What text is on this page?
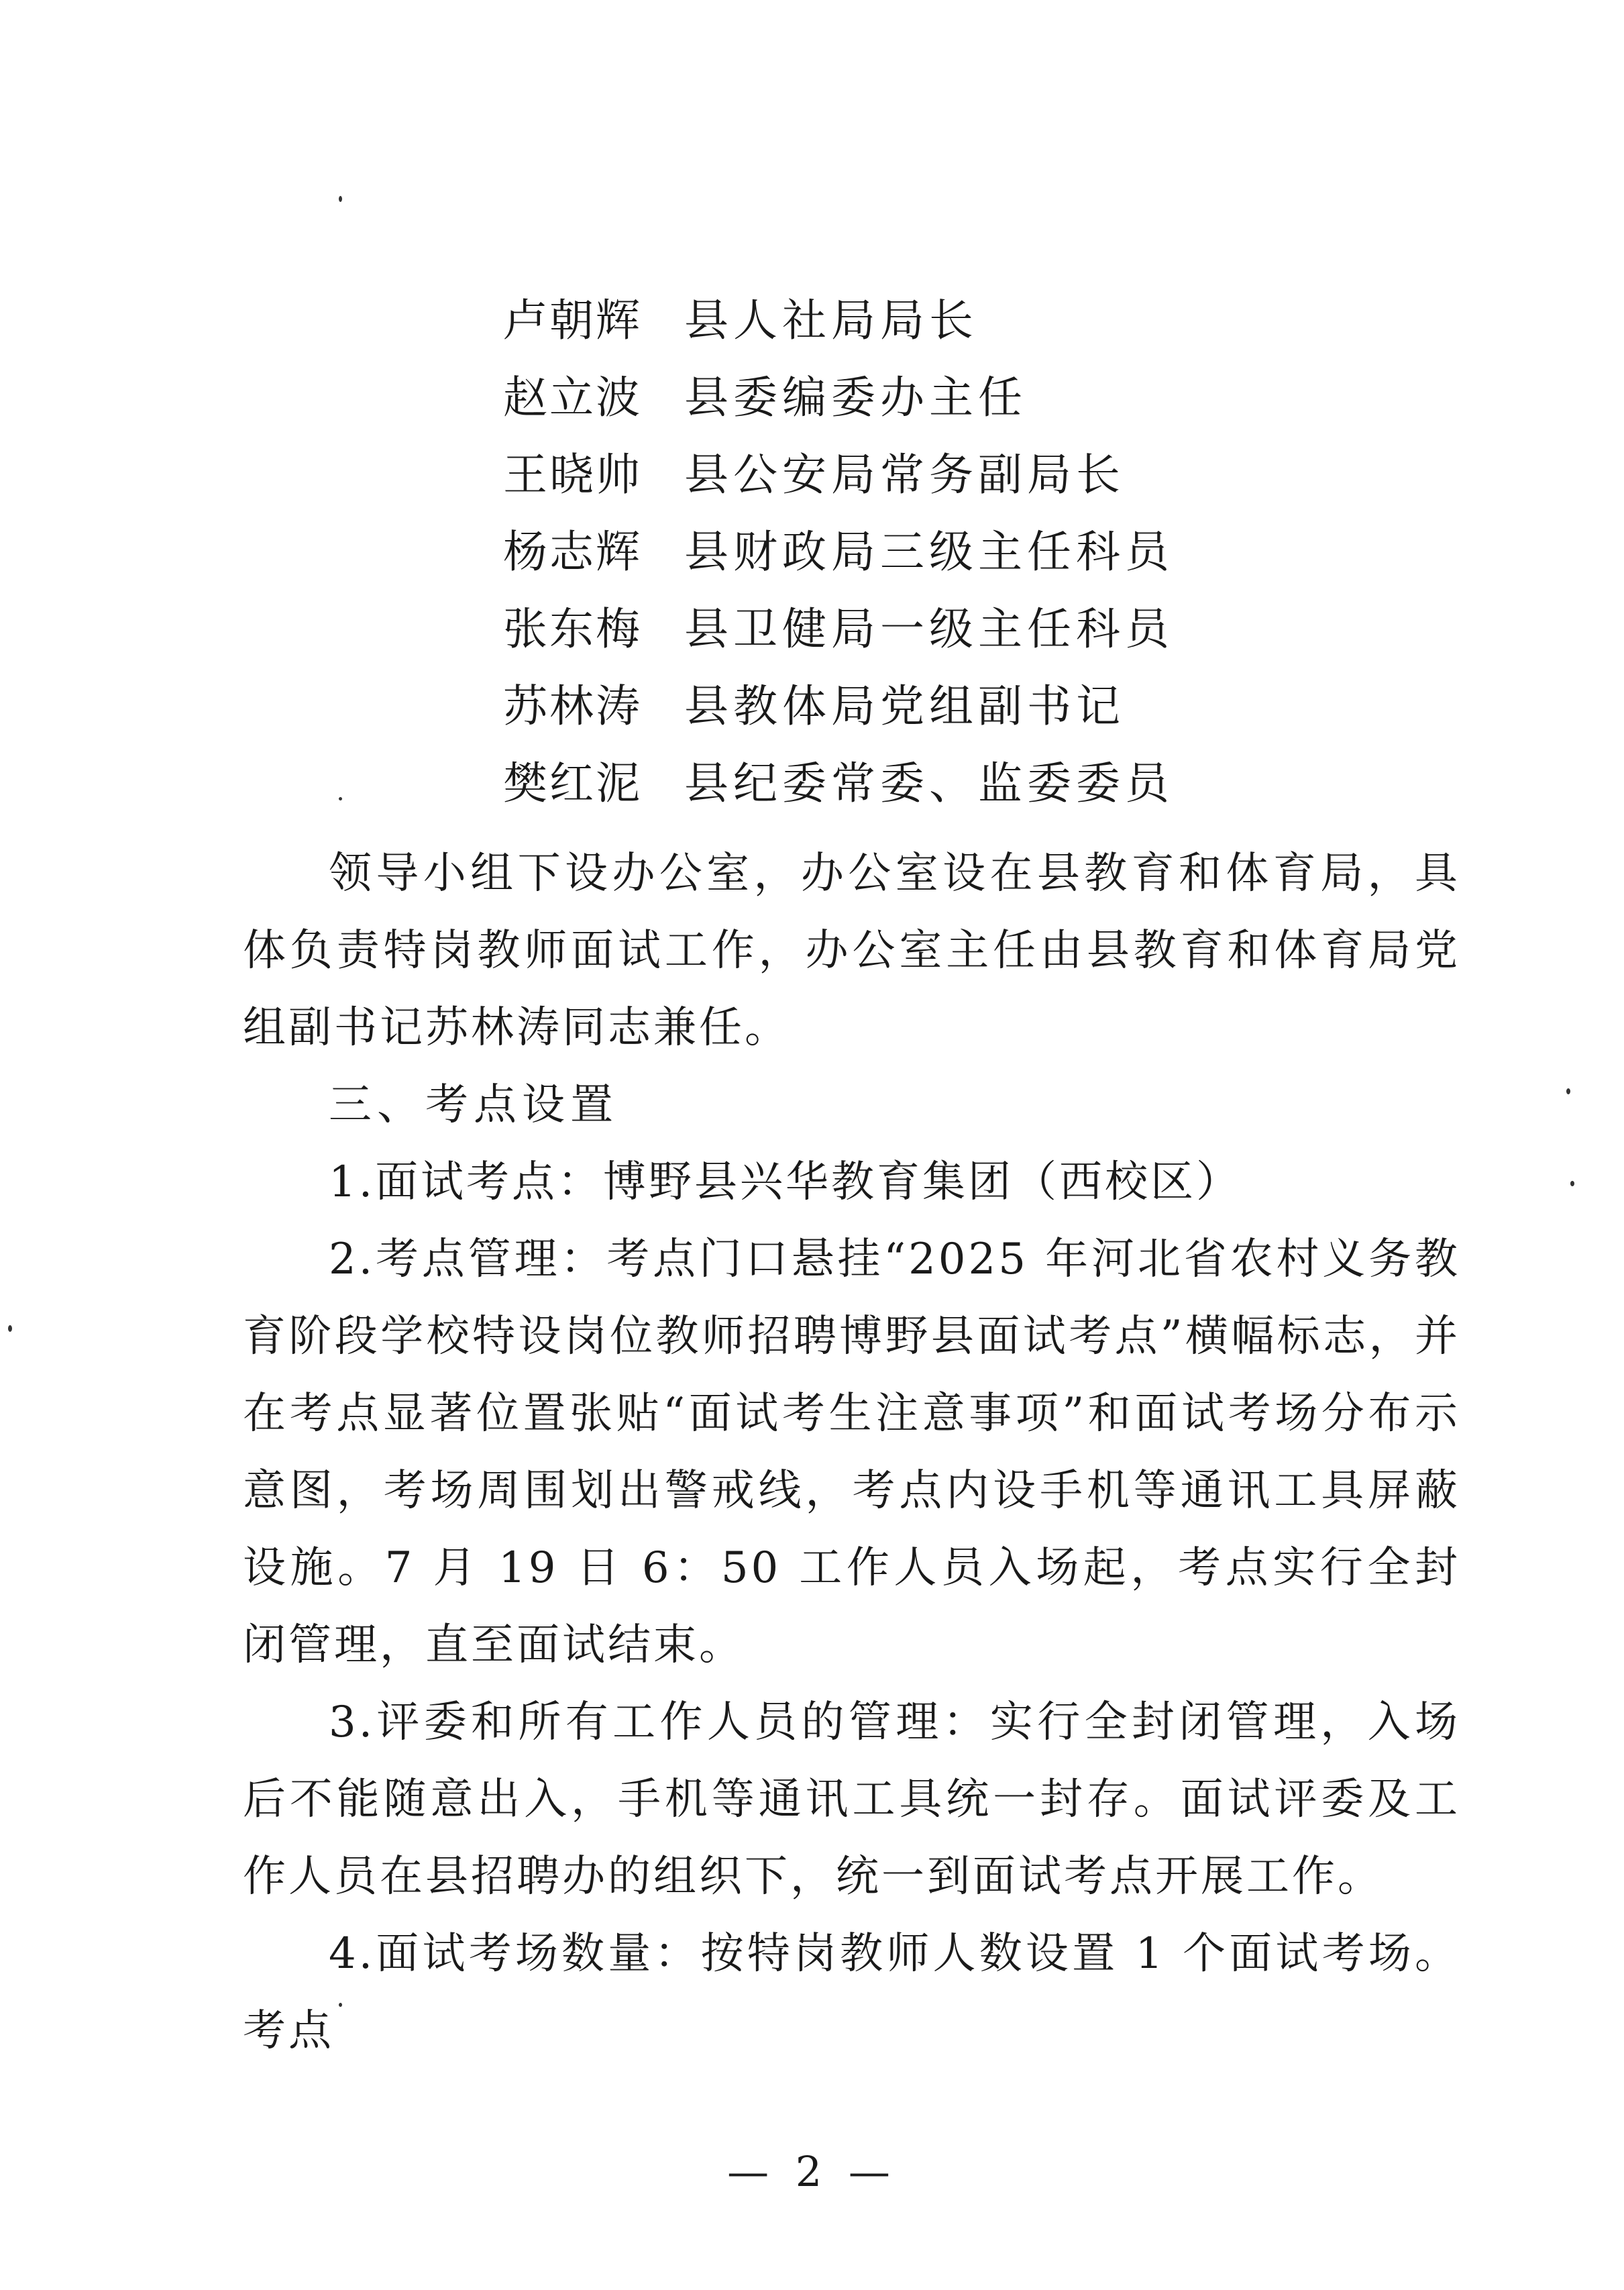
卢朝辉 县人社局局长
赵立波 县委编委办主任
王晓帅 县公安局常务副局长
杨志辉 县财政局三级主任科员
张东梅 县卫健局一级主任科员
苏林涛 县教体局党组副书记
樊红泥 县纪委常委、监委委员

领导小组下设办公室，办公室设在县教育和体育局，具体负责特岗教师面试工作，办公室主任由县教育和体育局党组副书记苏林涛同志兼任。

三、考点设置

1.面试考点：博野县兴华教育集团（西校区）

2.考点管理：考点门口悬挂“2025 年河北省农村义务教育阶段学校特设岗位教师招聘博野县面试考点”横幅标志，并在考点显著位置张贴“面试考生注意事项”和面试考场分布示意图，考场周围划出警戒线，考点内设手机等通讯工具屏蔽设施。7 月 19 日 6：50 工作人员入场起，考点实行全封闭管理，直至面试结束。

3.评委和所有工作人员的管理：实行全封闭管理，入场后不能随意出入，手机等通讯工具统一封存。面试评委及工作人员在县招聘办的组织下，统一到面试考点开展工作。

4.面试考场数量：按特岗教师人数设置 1 个面试考场。考点

— 2 —
